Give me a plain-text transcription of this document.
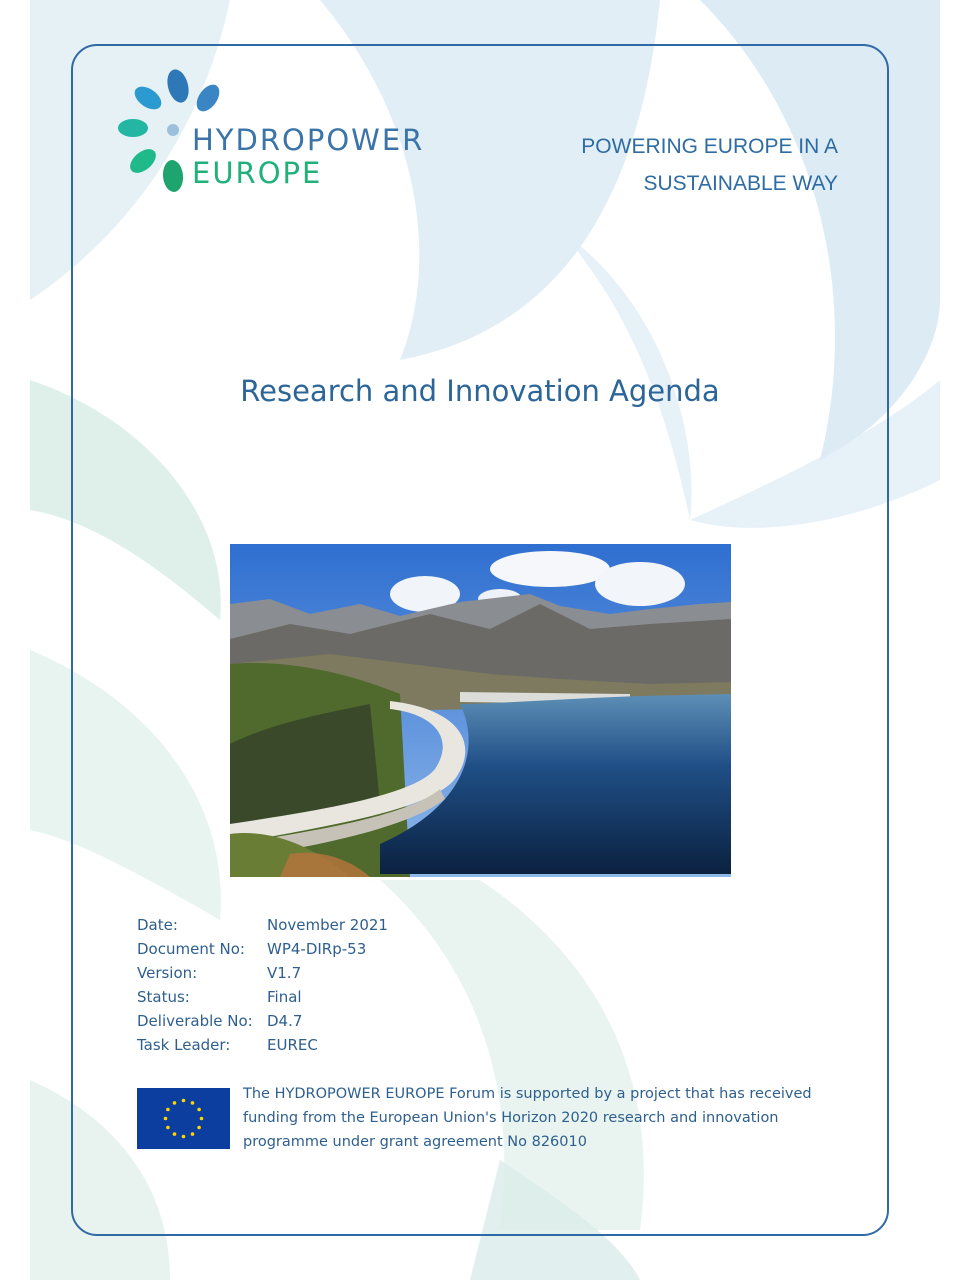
HYDROPOWER
EUROPE
POWERING EUROPE IN A
SUSTAINABLE WAY
Research and Innovation Agenda
Date:	November 2021
Document No:	WP4-DIRp-53
Version:	V1.7
Status:	Final
Deliverable No: D4.7
Task Leader:	EUREC
The HYDROPOWER EUROPE Forum is supported by a project that has received
funding from the European Union's Horizon 2020 research and innovation
programme under grant agreement No 826010
